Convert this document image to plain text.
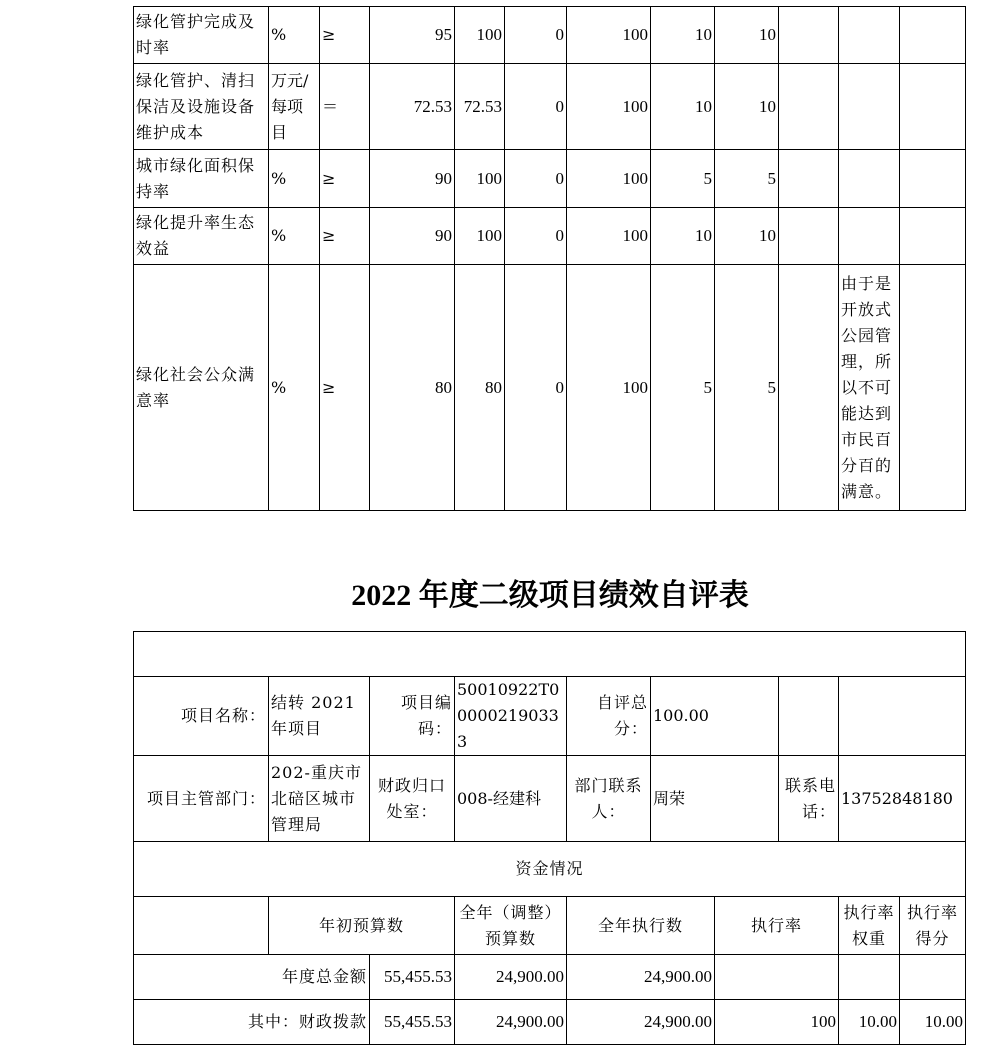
绿化管护完成及时率	%	≥	95	100	0	100	10	10			
绿化管护、清扫保洁及设施设备维护成本	万元/每项目	＝	72.53	72.53	0	100	10	10			
城市绿化面积保持率	%	≥	90	100	0	100	5	5			
绿化提升率生态效益	%	≥	90	100	0	100	10	10			
绿化社会公众满意率	%	≥	80	80	0	100	5	5		由于是开放式公园管理，所以不可能达到市民百分百的满意。	
2022 年度二级项目绩效自评表

项目名称：	结转 2021 年项目	项目编码：	50010922T000002190333	自评总分：	100.00				
项目主管部门：	202-重庆市北碚区城市管理局	财政归口处室：	008-经建科	部门联系人：	周荣		联系电话：	13752848180	
资金情况									
	年初预算数		全年（调整）预算数	全年执行数		执行率		执行率权重	执行率得分
年度总金额		55,455.53	24,900.00	24,900.00					
其中：财政拨款		55,455.53	24,900.00	24,900.00		100		10.00	10.00
